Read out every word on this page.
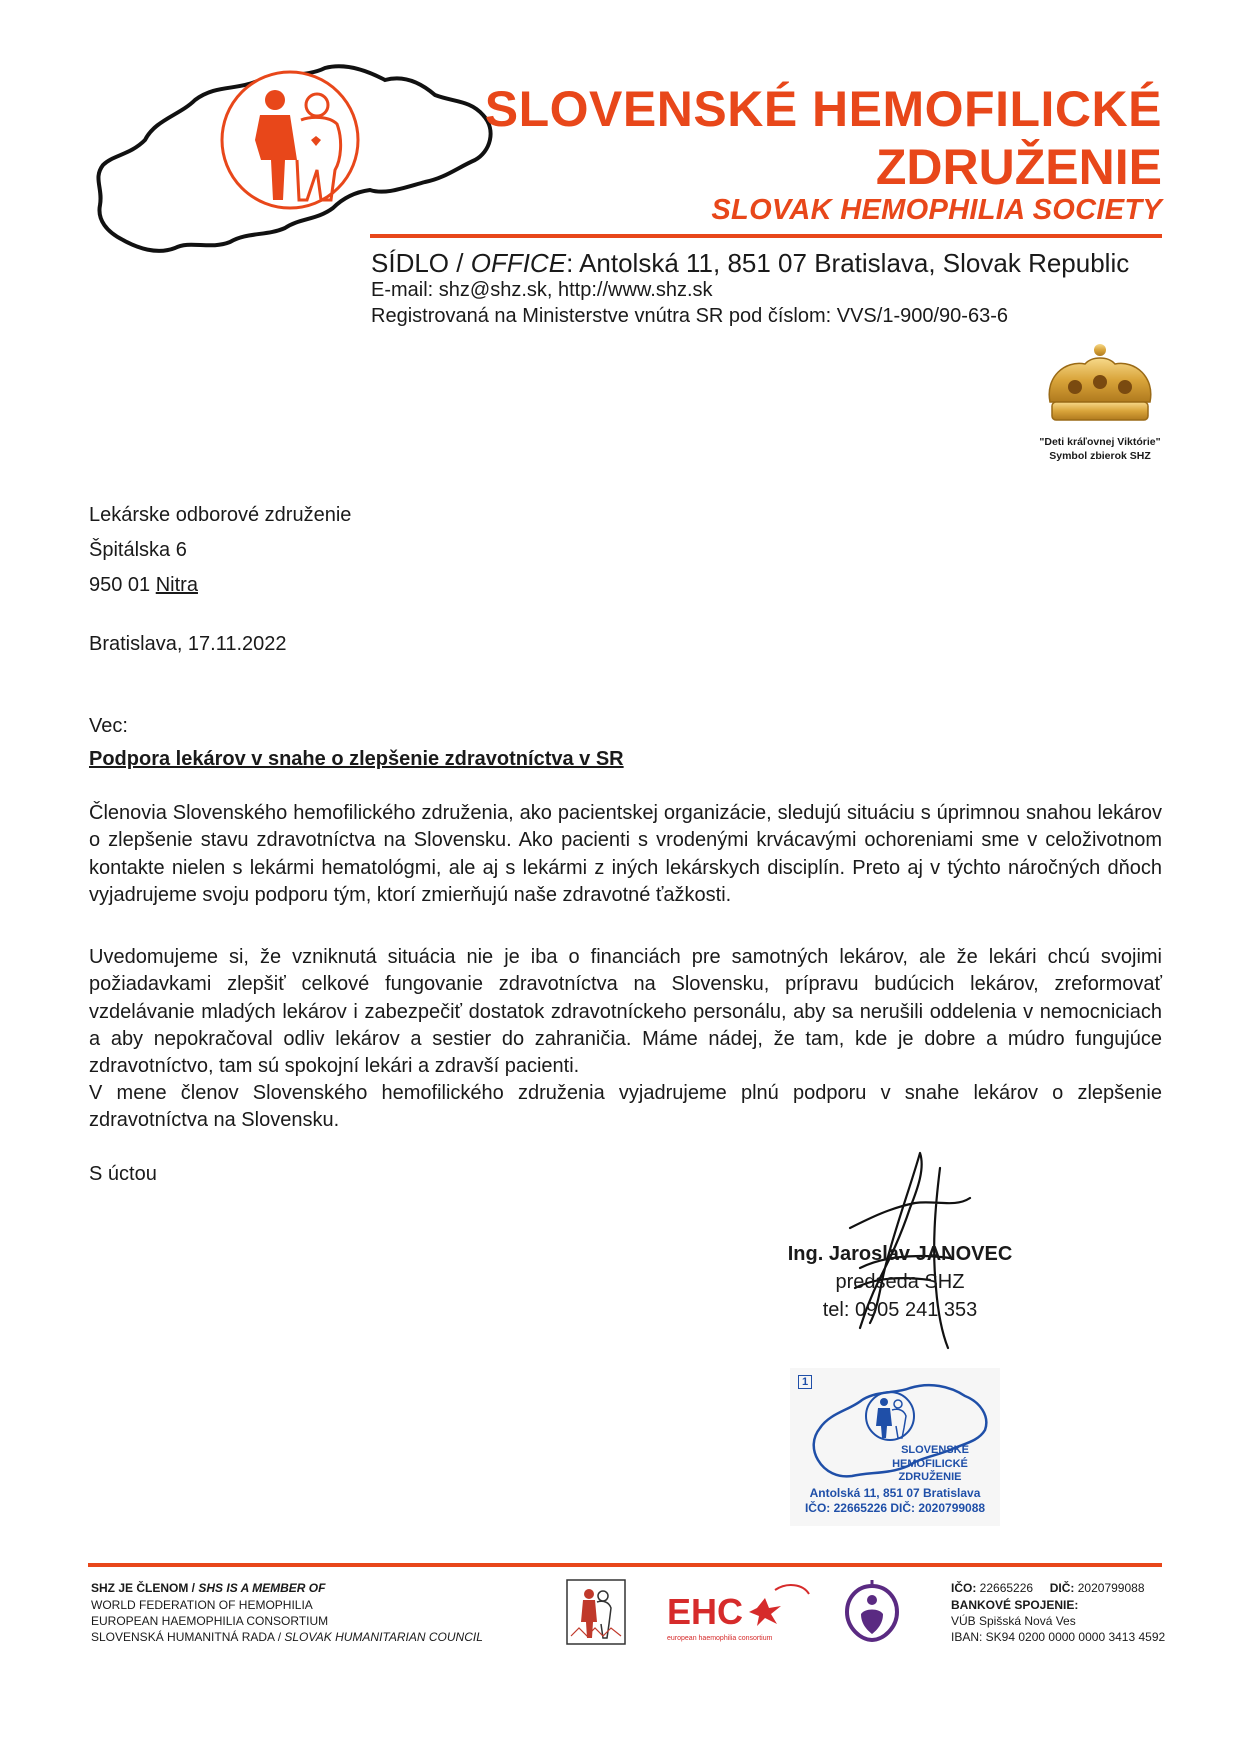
SLOVENSKÉ HEMOFILICKÉ
ZDRUŽENIE
SLOVAK HEMOPHILIA SOCIETY
SÍDLO / OFFICE: Antolská 11, 851 07 Bratislava, Slovak Republic
E-mail: shz@shz.sk, http://www.shz.sk
Registrovaná na Ministerstve vnútra SR pod číslom: VVS/1-900/90-63-6
"Deti kráľovnej Viktórie"
Symbol zbierok SHZ
Lekárske odborové združenie
Špitálska 6
950 01 Nitra
Bratislava, 17.11.2022
Vec:
Podpora lekárov v snahe o zlepšenie zdravotníctva v SR
Členovia Slovenského hemofilického združenia, ako pacientskej organizácie, sledujú situáciu s úprimnou snahou lekárov o zlepšenie stavu zdravotníctva na Slovensku. Ako pacienti s vrodenými krvácavými ochoreniami sme v celoživotnom kontakte nielen s lekármi hematológmi, ale aj s lekármi z iných lekárskych disciplín. Preto aj v týchto náročných dňoch vyjadrujeme svoju podporu tým, ktorí zmierňujú naše zdravotné ťažkosti.
Uvedomujeme si, že vzniknutá situácia nie je iba o financiách pre samotných lekárov, ale že lekári chcú svojimi požiadavkami zlepšiť celkové fungovanie zdravotníctva na Slovensku, prípravu budúcich lekárov, zreformovať vzdelávanie mladých lekárov i zabezpečiť dostatok zdravotníckeho personálu, aby sa nerušili oddelenia v nemocniciach a aby nepokračoval odliv lekárov a sestier do zahraničia. Máme nádej, že tam, kde je dobre a múdro fungujúce zdravotníctvo, tam sú spokojní lekári a zdravší pacienti.
V mene členov Slovenského hemofilického združenia vyjadrujeme plnú podporu v snahe lekárov o zlepšenie zdravotníctva na Slovensku.
S úctou
Ing. Jaroslav JANOVEC
predseda SHZ
tel: 0905 241 353
1
SLOVENSKÉ
HEMOFILICKÉ ZDRUŽENIE
Antolská 11, 851 07 Bratislava
IČO: 22665226 DIČ: 2020799088
SHZ JE ČLENOM / SHS IS A MEMBER OF
WORLD FEDERATION OF HEMOPHILIA
EUROPEAN HAEMOPHILIA CONSORTIUM
SLOVENSKÁ HUMANITNÁ RADA / SLOVAK HUMANITARIAN COUNCIL
EHC
european haemophilia consortium
IČO: 22665226 DIČ: 2020799088
BANKOVÉ SPOJENIE:
VÚB Spišská Nová Ves
IBAN: SK94 0200 0000 0000 3413 4592
